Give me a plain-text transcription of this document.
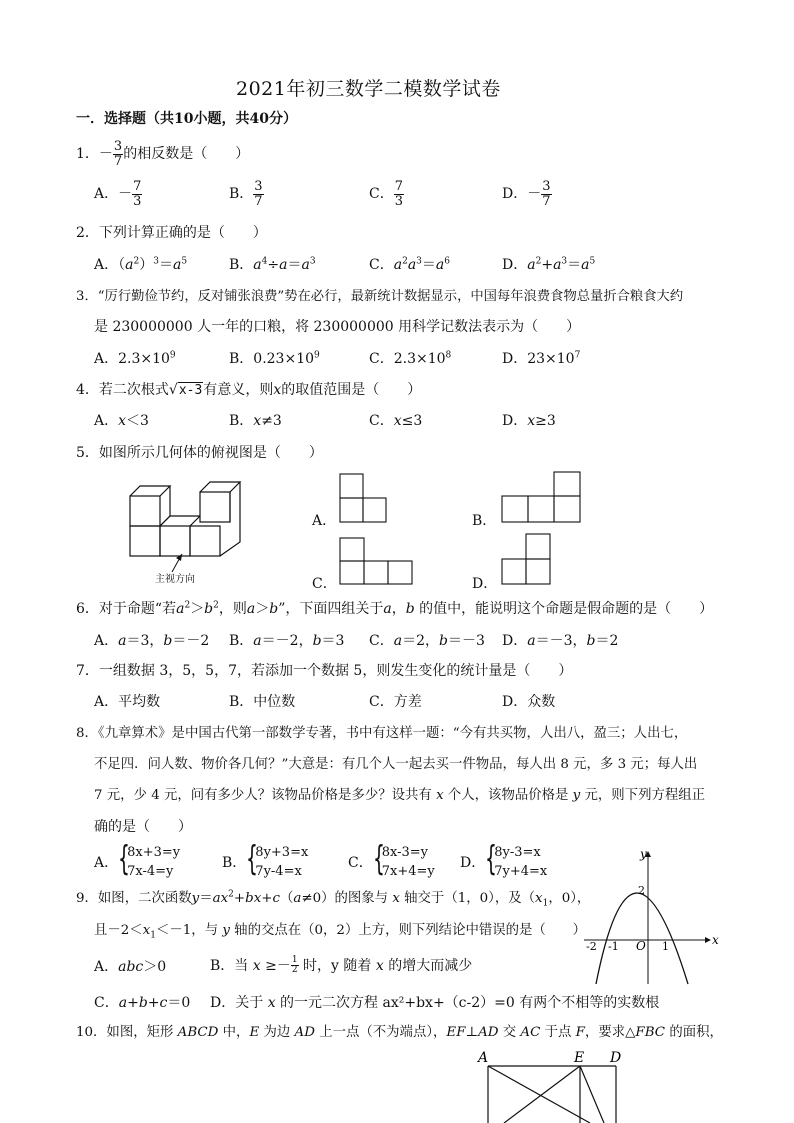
2021年初三数学二模数学试卷
一．选择题（共10小题，共40分）
1．－ $\frac{3}{7}$ 的相反数是（　　）
A．－ $\frac{7}{3}$	B． $\frac{3}{7}$	C． $\frac{7}{3}$	D．－ $\frac{3}{7}$
2．下列计算正确的是（　　）
A．$(a^2)^3=a^5$	B．$a^4\div a=a^3$	C．$a^2a^3=a^6$	D．$a^2+a^3=a^5$
3．“厉行勤俭节约，反对铺张浪费”势在必行，最新统计数据显示，中国每年浪费食物总量折合粮食大约
是 230000000 人一年的口粮，将 230000000 用科学记数法表示为（　　）
A．$2.3\times 10^9$	B．$0.23\times 10^9$	C．$2.3\times 10^8$	D．$23\times 10^7$
4．若二次根式√x-3有意义，则x的取值范围是（　　）
A．x＜3	B．x≠3	C．x≤3	D．x≥3
5．如图所示几何体的俯视图是（　　）
主视方向
A．	B．
C．	D．
6．对于命题“若$a^2>b^2$，则a＞b”，下面四组关于a，b 的值中，能说明这个命题是假命题的是（　　）
A．a＝3，b＝－2 B．a＝－2，b＝3 C．a＝2，b＝－3 D．a＝－3，b＝2
7．一组数据 3，5，5，7，若添加一个数据 5，则发生变化的统计量是（　　）
A．平均数	B．中位数	C．方差	D．众数
8．《九章算术》是中国古代第一部数学专著，书中有这样一题：“今有共买物，人出八，盈三；人出七，
不足四．问人数、物价各几何？”大意是：有几个人一起去买一件物品，每人出 8 元，多 3 元；每人出
7 元，少 4 元，问有多少人？该物品价格是多少？设共有 x 个人，该物品价格是 y 元，则下列方程组正
确的是（　　）
A． {
8x+3=y
7x-4=y
B． {
8y+3=x
7y-4=x
C． {
8x-3=y
7x+4=y
D． {
8y-3=x
7y+4=x
9．如图，二次函数$y=ax^2+bx+c(a\ne 0)$的图象与 x 轴交于（1，0），及（$x_1$，0），
且$-2<x_1<-1$，与 y 轴的交点在（0，2）上方，则下列结论中错误的是（　　）
A．abc＞0	B．当 $x \ge- \frac{1}{2}$ 时，y 随着 x 的增大而减少
C．a+b+c＝0 D．关于 x 的一元二次方程 ax²+bx+（c-2）=0 有两个不相等的实数根
x
y
O
-2 -1	1
2
10．如图，矩形 ABCD 中，E 为边 AD 上一点（不为端点），EF⊥AD 交 AC 于点 F，要求△FBC 的面积，
A	E D
